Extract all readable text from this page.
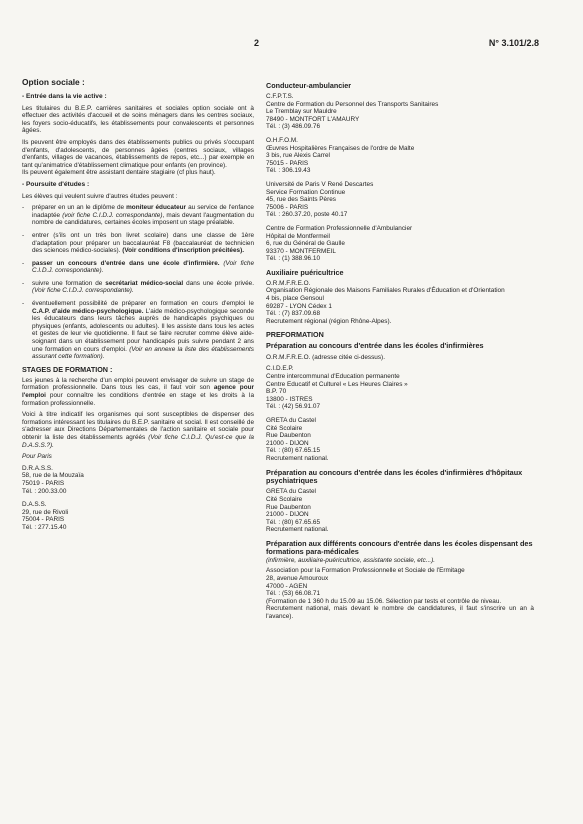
2	N° 3.101/2.8
Option sociale :
- Entrée dans la vie active :

Les titulaires du B.E.P. carrières sanitaires et sociales option sociale ont à effectuer des activités d'accueil et de soins ménagers dans les centres sociaux, les foyers socio-éducatifs, les établissements pour convalescents et personnes âgées.

Ils peuvent être employés dans des établissements publics ou privés s'occupant d'enfants, d'adolescents, de personnes âgées (centres sociaux, villages d'enfants, villages de vacances, établissements de repos, etc...) par exemple en tant qu'animatrice d'établissement climatique pour enfants (en province).
Ils peuvent également être assistant dentaire stagiaire (cf plus haut).

- Poursuite d'études :

Les élèves qui veulent suivre d'autres études peuvent :

- préparer en un an le diplôme de moniteur éducateur au service de l'enfance inadaptée (voir fiche C.I.D.J. correspondante), mais devant l'augmentation du nombre de candidatures, certaines écoles imposent un stage préalable.
- entrer (s'ils ont un très bon livret scolaire) dans une classe de 1ère d'adaptation pour préparer un baccalauréat F8 (baccalauréat de technicien des sciences médico-sociales). (Voir conditions d'inscription précitées).
- passer un concours d'entrée dans une école d'infirmière. (Voir fiche C.I.D.J. correspondante).
- suivre une formation de secrétariat médico-social dans une école privée. (Voir fiche C.I.D.J. correspondante).
- éventuellement possibilité de préparer en formation en cours d'emploi le C.A.P. d'aide médico-psychologique. L'aide médico-psychologique seconde les éducateurs dans leurs tâches auprès de handicapés psychiques ou physiques (enfants, adolescents ou adultes). Il les assiste dans tous les actes et gestes de leur vie quotidienne. Il faut se faire recruter comme élève aide-soignant dans un établissement pour handicapés puis suivre pendant 2 ans une formation en cours d'emploi. (Voir en annexe la liste des établissements assurant cette formation).
STAGES DE FORMATION :

Les jeunes à la recherche d'un emploi peuvent envisager de suivre un stage de formation professionnelle. Dans tous les cas, il faut voir son agence pour l'emploi pour connaître les conditions d'entrée en stage et les droits à la formation professionnelle.

Voici à titre indicatif les organismes qui sont susceptibles de dispenser des formations intéressant les titulaires du B.E.P. sanitaire et social. Il est conseillé de s'adresser aux Directions Départementales de l'action sanitaire et sociale pour obtenir la liste des établissements agréés (Voir fiche C.I.D.J. Qu'est-ce que la D.A.S.S.?).

Pour Paris

D.R.A.S.S.
58, rue de la Mouzaïa
75019 - PARIS
Tél. : 200.33.00
D.A.S.S.
29, rue de Rivoli
75004 - PARIS
Tél. : 277.15.40
Conducteur-ambulancier
C.F.P.T.S.
Centre de Formation du Personnel des Transports Sanitaires
Le Tremblay sur Mauldre
78490 - MONTFORT L'AMAURY
Tél. : (3) 486.09.76
O.H.F.O.M.
Œuvres Hospitalières Françaises de l'ordre de Malte
3 bis, rue Alexis Carrel
75015 - PARIS
Tél. : 306.19.43
Université de Paris V René Descartes
Service Formation Continue
45, rue des Saints Pères
75006 - PARIS
Tél. : 260.37.20, poste 40.17
Centre de Formation Professionnelle d'Ambulancier
Hôpital de Montfermeil
6, rue du Général de Gaulle
93370 - MONTFERMEIL
Tél. : (1) 388.96.10
Auxiliaire puéricultrice
O.R.M.F.R.E.O.
Organisation Régionale des Maisons Familiales Rurales d'Éducation et d'Orientation
4 bis, place Gensoul
69287 - LYON Cédex 1
Tél. : (7) 837.09.68
Recrutement régional (région Rhône-Alpes).
PREFORMATION
Préparation au concours d'entrée dans les écoles d'infirmières

O.R.M.F.R.E.O. (adresse citée ci-dessus).

C.I.D.E.P.
Centre intercommunal d'Education permanente
Centre Educatif et Culturel « Les Heures Claires »
B.P. 70
13800 - ISTRES
Tél. : (42) 56.91.07
GRETA du Castel
Cité Scolaire
Rue Daubenton
21000 - DIJON
Tél. : (80) 67.65.15
Recrutement national.
Préparation au concours d'entrée dans les écoles d'infirmières d'hôpitaux psychiatriques
GRETA du Castel
Cité Scolaire
Rue Daubenton
21000 - DIJON
Tél. : (80) 67.65.65
Recrutement national.
Préparation aux différents concours d'entrée dans les écoles dispensant des formations para-médicales
(infirmière, auxiliaire-puéricultrice, assistante sociale, etc...).
Association pour la Formation Professionnelle et Sociale de l'Ermitage
28, avenue Amouroux
47000 - AGEN
Tél. : (53) 66.08.71

(Formation de 1 360 h du 15.09 au 15.06. Sélection par tests et contrôle de niveau.
Recrutement national, mais devant le nombre de candidatures, il faut s'inscrire un an à l'avance).
